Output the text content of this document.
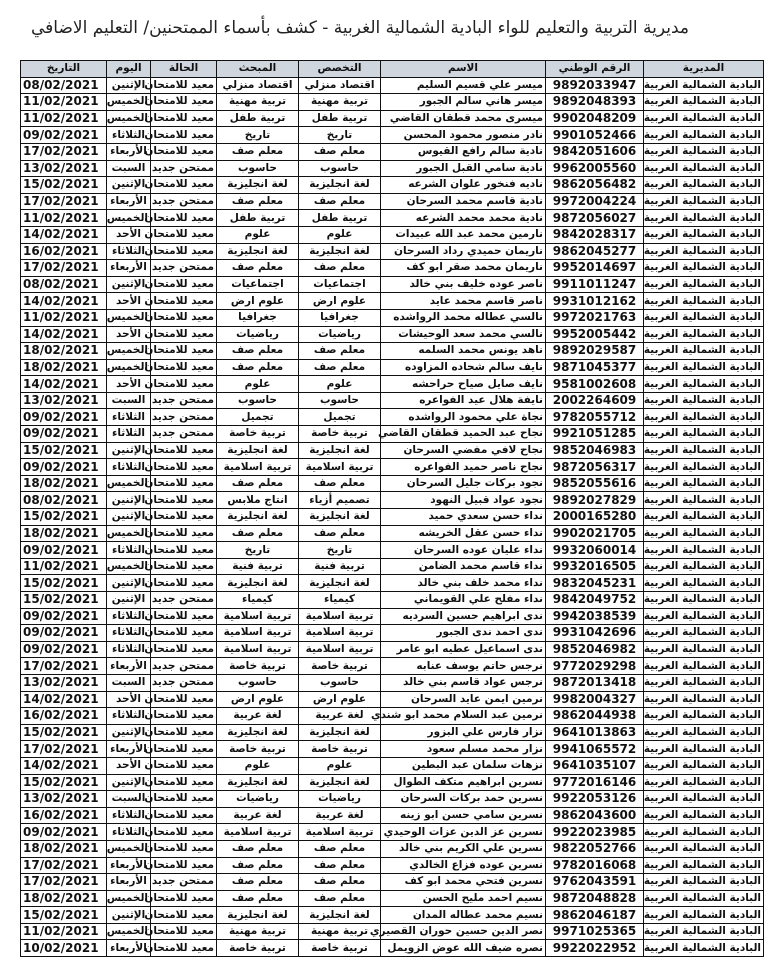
مديرية التربية والتعليم للواء البادية الشمالية الغربية - كشف بأسماء الممتحنين/ التعليم الاضافي
المديرية	الرقم الوطني	الاسم	التخصص	المبحث	الحالة	اليوم	التاريخ
البادية الشمالية الغربية	9892033947	ميسر علي قسيم السليم	اقتصاد منزلي	اقتصاد منزلي	معيد للامتحان	الإثنين	08/02/2021
البادية الشمالية الغربية	9892048393	ميسر هاني سالم الجبور	تربية مهنية	تربية مهنية	معيد للامتحان	الخميس	11/02/2021
البادية الشمالية الغربية	9902048209	ميسرى محمد قطقان القاضي	تربية طفل	تربية طفل	معيد للامتحان	الخميس	11/02/2021
البادية الشمالية الغربية	9901052466	نادر منصور محمود المحسن	تاريخ	تاريخ	معيد للامتحان	الثلاثاء	09/02/2021
البادية الشمالية الغربية	9842051606	نادية سالم رافع القيوس	معلم صف	معلم صف	معيد للامتحان	الأربعاء	17/02/2021
البادية الشمالية الغربية	9962005560	نادية سامي القبل الجبور	حاسوب	حاسوب	ممتحن جديد	السبت	13/02/2021
البادية الشمالية الغربية	9862056482	ناديه فنخور علوان الشرعه	لغة انجليزية	لغة انجليزية	معيد للامتحان	الإثنين	15/02/2021
البادية الشمالية الغربية	9972004224	نادية قاسم محمد السرحان	معلم صف	معلم صف	ممتحن جديد	الأربعاء	17/02/2021
البادية الشمالية الغربية	9872056027	نادية محمد محمد الشرعه	تربية طفل	تربية طفل	معيد للامتحان	الخميس	11/02/2021
البادية الشمالية الغربية	9842028317	نارمين محمد عبد الله عبيدات	علوم	علوم	معيد للامتحان	الأحد	14/02/2021
البادية الشمالية الغربية	9862045277	ناريمان حميدي رداد السرحان	لغة انجليزية	لغة انجليزية	معيد للامتحان	الثلاثاء	16/02/2021
البادية الشمالية الغربية	9952014697	ناريمان محمد صقر ابو كف	معلم صف	معلم صف	ممتحن جديد	الأربعاء	17/02/2021
البادية الشمالية الغربية	9911011247	ناصر عوده خليف بني خالد	اجتماعيات	اجتماعيات	معيد للامتحان	الإثنين	08/02/2021
البادية الشمالية الغربية	9931012162	ناصر قاسم محمد عايد	علوم ارض	علوم ارض	معيد للامتحان	الأحد	14/02/2021
البادية الشمالية الغربية	9972021763	نالسي عطاله محمد الرواشده	جغرافيا	جغرافيا	معيد للامتحان	الخميس	11/02/2021
البادية الشمالية الغربية	9952005442	نالسي محمد سعد الوحيشات	رياضيات	رياضيات	معيد للامتحان	الأحد	14/02/2021
البادية الشمالية الغربية	9892029587	ناهد يونس محمد السلمه	معلم صف	معلم صف	معيد للامتحان	الخميس	18/02/2021
البادية الشمالية الغربية	9871045377	نايف سالم شحاده المزاوده	معلم صف	معلم صف	معيد للامتحان	الخميس	18/02/2021
البادية الشمالية الغربية	9581002608	نايف صايل صياح حراحشه	علوم	علوم	معيد للامتحان	الأحد	14/02/2021
البادية الشمالية الغربية	2002264609	نايفة هلال عيد الفواعره	حاسوب	حاسوب	ممتحن جديد	السبت	13/02/2021
البادية الشمالية الغربية	9782055712	نجاة علي محمود الرواشده	تجميل	تجميل	ممتحن جديد	الثلاثاء	09/02/2021
البادية الشمالية الغربية	9921051285	نجاح عبد الحميد قطقان القاضي	تربية خاصة	تربية خاصة	ممتحن جديد	الثلاثاء	09/02/2021
البادية الشمالية الغربية	9852046983	نجاح لافي مفضي السرحان	لغة انجليزية	لغة انجليزية	معيد للامتحان	الإثنين	15/02/2021
البادية الشمالية الغربية	9872056317	نجاح ناصر حميد الفواعره	تربية اسلامية	تربية اسلامية	معيد للامتحان	الثلاثاء	09/02/2021
البادية الشمالية الغربية	9852055616	نجود بركات جليل السرحان	معلم صف	معلم صف	معيد للامتحان	الخميس	18/02/2021
البادية الشمالية الغربية	9892027829	نجود عواد قبيل النهود	تصميم أزياء	انتاج ملابس	معيد للامتحان	الإثنين	08/02/2021
البادية الشمالية الغربية	2000165280	نداء حسن سعدي حميد	لغة انجليزية	لغة انجليزية	معيد للامتحان	الإثنين	15/02/2021
البادية الشمالية الغربية	9902021705	نداء حسن عقل الخريشه	معلم صف	معلم صف	معيد للامتحان	الخميس	18/02/2021
البادية الشمالية الغربية	9932060014	نداء عليان عوده السرحان	تاريخ	تاريخ	معيد للامتحان	الثلاثاء	09/02/2021
البادية الشمالية الغربية	9932016505	نداء قاسم محمد الضامن	تربية فنية	تربية فنية	معيد للامتحان	الخميس	11/02/2021
البادية الشمالية الغربية	9832045231	نداء محمد خلف بني خالد	لغة انجليزية	لغة انجليزية	معيد للامتحان	الإثنين	15/02/2021
البادية الشمالية الغربية	9842049752	نداء مفلح علي القويماني	كيمياء	كيمياء	ممتحن جديد	الإثنين	15/02/2021
البادية الشمالية الغربية	9942038539	ندى ابراهيم حسين السرديه	تربية اسلامية	تربية اسلامية	معيد للامتحان	الثلاثاء	09/02/2021
البادية الشمالية الغربية	9931042696	ندى احمد ندى الجبور	تربية اسلامية	تربية اسلامية	معيد للامتحان	الثلاثاء	09/02/2021
البادية الشمالية الغربية	9852046982	ندى اسماعيل عطيه ابو عامر	تربية اسلامية	تربية اسلامية	معيد للامتحان	الثلاثاء	09/02/2021
البادية الشمالية الغربية	9772029298	نرجس حاتم يوسف عنابه	تربية خاصة	تربية خاصة	ممتحن جديد	الأربعاء	17/02/2021
البادية الشمالية الغربية	9872013418	نرجس عواد قاسم بني خالد	حاسوب	حاسوب	ممتحن جديد	السبت	13/02/2021
البادية الشمالية الغربية	9982004327	نرمين ايمن عايد السرحان	علوم ارض	علوم ارض	معيد للامتحان	الأحد	14/02/2021
البادية الشمالية الغربية	9862044938	نرمين عبد السلام محمد ابو شندي	لغة عربية	لغة عربية	معيد للامتحان	الثلاثاء	16/02/2021
البادية الشمالية الغربية	9641013863	نزار فارس علي البزور	لغة انجليزية	لغة انجليزية	معيد للامتحان	الإثنين	15/02/2021
البادية الشمالية الغربية	9941065572	نزار محمد مسلم سعود	تربية خاصة	تربية خاصة	معيد للامتحان	الأربعاء	17/02/2021
البادية الشمالية الغربية	9641035107	نزهات سلمان عبد البطين	علوم	علوم	معيد للامتحان	الأحد	14/02/2021
البادية الشمالية الغربية	9772016146	نسرين ابراهيم متكف الطوال	لغة انجليزية	لغة انجليزية	معيد للامتحان	الإثنين	15/02/2021
البادية الشمالية الغربية	9922053126	نسرين حمد بركات السرحان	رياضيات	رياضيات	معيد للامتحان	السبت	13/02/2021
البادية الشمالية الغربية	9862043600	نسرين سامي حسن ابو زينه	لغة عربية	لغة عربية	معيد للامتحان	الثلاثاء	16/02/2021
البادية الشمالية الغربية	9922023985	نسرين عز الدين عزات الوحيدي	تربية اسلامية	تربية اسلامية	معيد للامتحان	الثلاثاء	09/02/2021
البادية الشمالية الغربية	9822052766	نسرين علي الكريم بني خالد	معلم صف	معلم صف	معيد للامتحان	الخميس	18/02/2021
البادية الشمالية الغربية	9782016068	نسرين عوده فزاع الخالدي	معلم صف	معلم صف	معيد للامتحان	الأربعاء	17/02/2021
البادية الشمالية الغربية	9762043591	نسرين فتحي محمد ابو كف	معلم صف	معلم صف	ممتحن جديد	الأربعاء	17/02/2021
البادية الشمالية الغربية	9872048828	نسيم احمد مليح الحسن	معلم صف	معلم صف	معيد للامتحان	الخميس	18/02/2021
البادية الشمالية الغربية	9862046187	نسيم محمد عطاله المدان	لغة انجليزية	لغة انجليزية	معيد للامتحان	الإثنين	15/02/2021
البادية الشمالية الغربية	9971025365	نصر الدين حسين حوران القصيري	تربية مهنية	تربية مهنية	معيد للامتحان	الخميس	11/02/2021
البادية الشمالية الغربية	9922022952	نصره ضيف الله عوض الزويمل	تربية خاصة	تربية خاصة	معيد للامتحان	الأربعاء	10/02/2021
